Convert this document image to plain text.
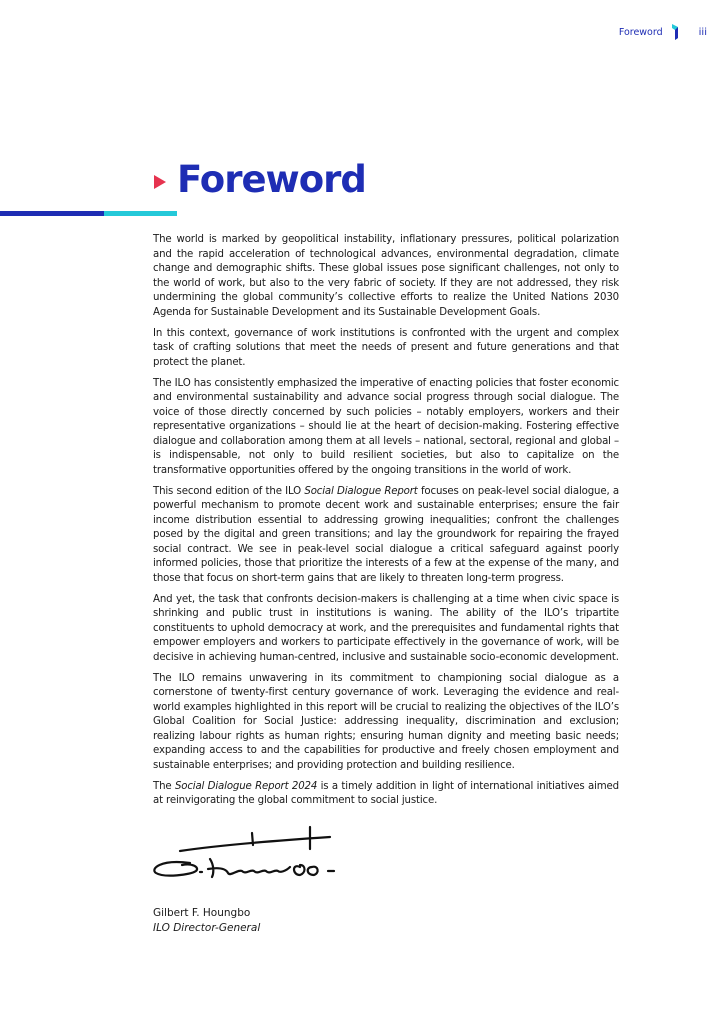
Foreword	iii
Foreword

The world is marked by geopolitical instability, inflationary pressures, political polarization and the rapid acceleration of technological advances, environmental degradation, climate change and demographic shifts. These global issues pose significant challenges, not only to the world of work, but also to the very fabric of society. If they are not addressed, they risk undermining the global community’s collective efforts to realize the United Nations 2030 Agenda for Sustainable Development and its Sustainable Development Goals.

In this context, governance of work institutions is confronted with the urgent and complex task of crafting solutions that meet the needs of present and future generations and that protect the planet.

The ILO has consistently emphasized the imperative of enacting policies that foster economic and environmental sustainability and advance social progress through social dialogue. The voice of those directly concerned by such policies – notably employers, workers and their representative organizations – should lie at the heart of decision-making. Fostering effective dialogue and collaboration among them at all levels – national, sectoral, regional and global – is indispensable, not only to build resilient societies, but also to capitalize on the transformative opportunities offered by the ongoing transitions in the world of work.

This second edition of the ILO Social Dialogue Report focuses on peak-level social dialogue, a powerful mechanism to promote decent work and sustainable enterprises; ensure the fair income distribution essential to addressing growing inequalities; confront the challenges posed by the digital and green transitions; and lay the groundwork for repairing the frayed social contract. We see in peak-level social dialogue a critical safeguard against poorly informed policies, those that prioritize the interests of a few at the expense of the many, and those that focus on short-term gains that are likely to threaten long-term progress.

And yet, the task that confronts decision-makers is challenging at a time when civic space is shrinking and public trust in institutions is waning. The ability of the ILO’s tripartite constituents to uphold democracy at work, and the prerequisites and fundamental rights that empower employers and workers to participate effectively in the governance of work, will be decisive in achieving human-centred, inclusive and sustainable socio-economic development.

The ILO remains unwavering in its commitment to championing social dialogue as a cornerstone of twenty-first century governance of work. Leveraging the evidence and real-world examples highlighted in this report will be crucial to realizing the objectives of the ILO’s Global Coalition for Social Justice: addressing inequality, discrimination and exclusion; realizing labour rights as human rights; ensuring human dignity and meeting basic needs; expanding access to and the capabilities for productive and freely chosen employment and sustainable enterprises; and providing protection and building resilience.

The Social Dialogue Report 2024 is a timely addition in light of international initiatives aimed at reinvigorating the global commitment to social justice.

Gilbert F. Houngbo
ILO Director-General
